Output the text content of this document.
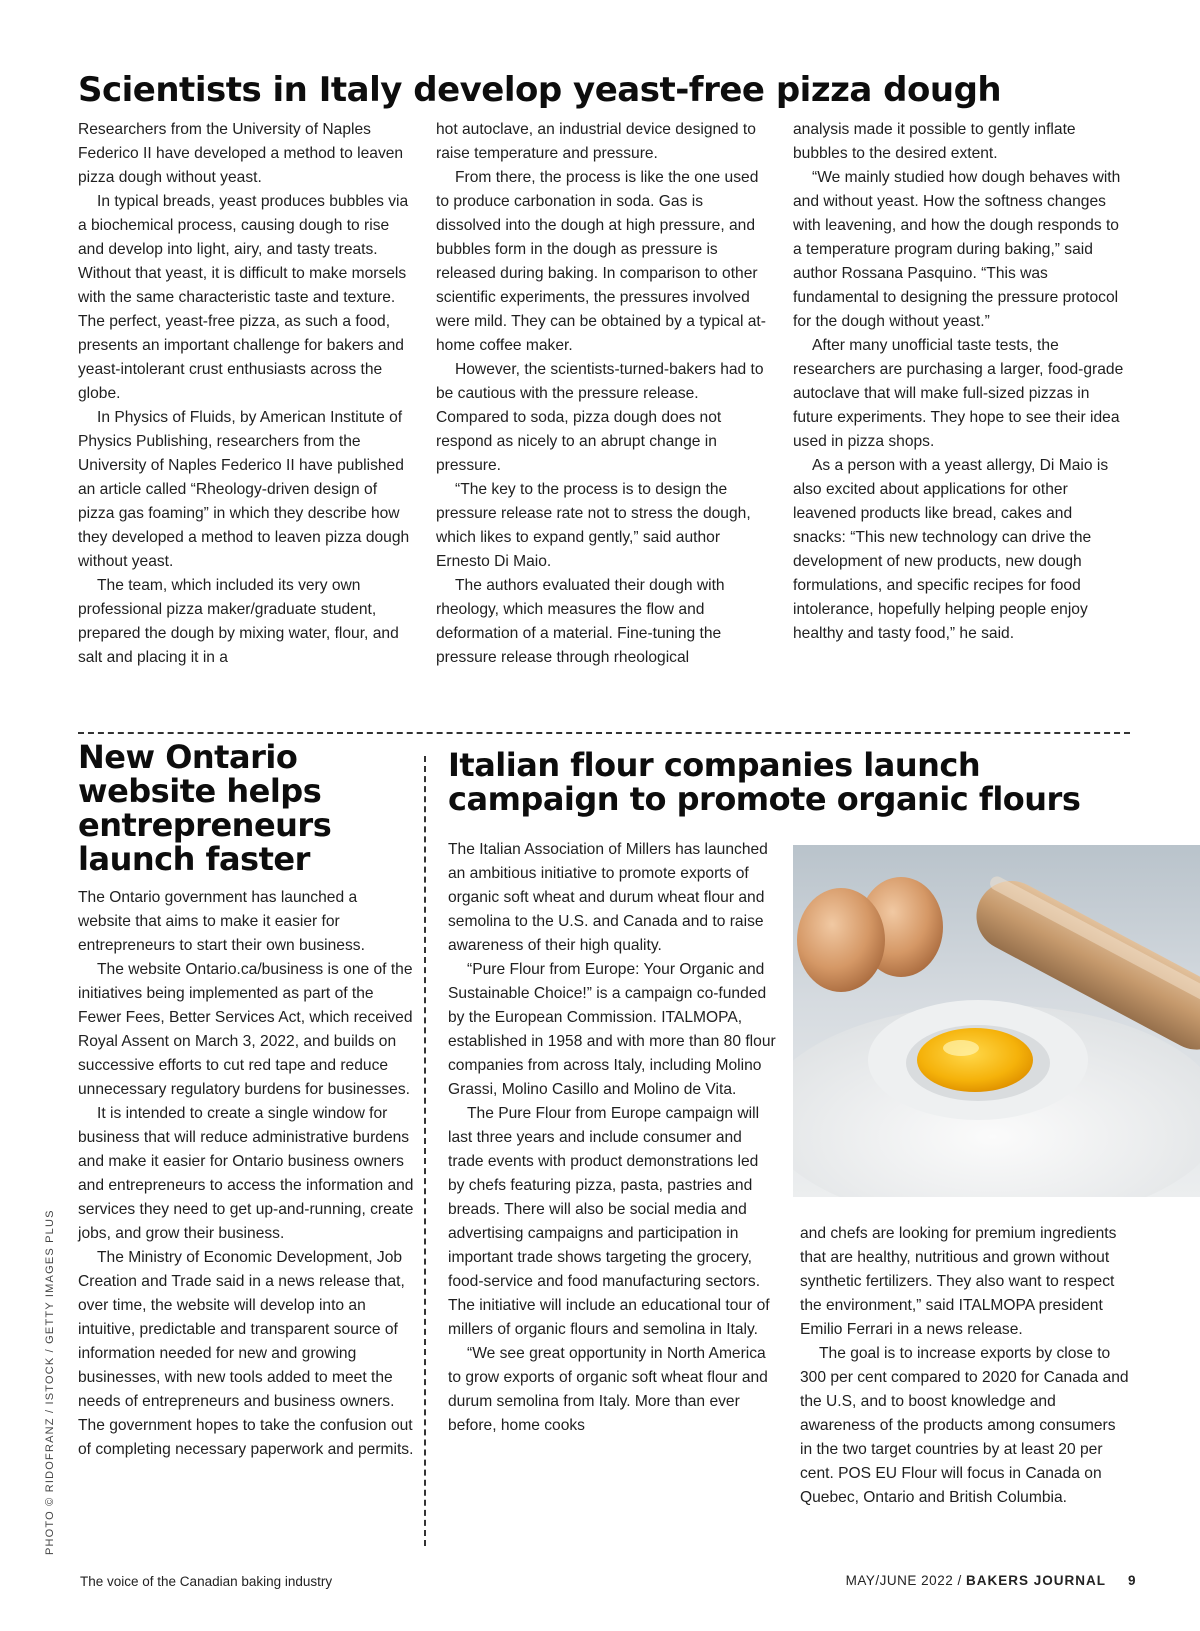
Scientists in Italy develop yeast-free pizza dough

Researchers from the University of Naples Federico II have developed a method to leaven pizza dough without yeast.

In typical breads, yeast produces bubbles via a biochemical process, causing dough to rise and develop into light, airy, and tasty treats. Without that yeast, it is difficult to make morsels with the same characteristic taste and texture. The perfect, yeast-free pizza, as such a food, presents an important challenge for bakers and yeast-intolerant crust enthusiasts across the globe.

In Physics of Fluids, by American Institute of Physics Publishing, researchers from the University of Naples Federico II have published an article called “Rheology-driven design of pizza gas foaming” in which they describe how they developed a method to leaven pizza dough without yeast.

The team, which included its very own professional pizza maker/graduate student, prepared the dough by mixing water, flour, and salt and placing it in a

hot autoclave, an industrial device designed to raise temperature and pressure.

From there, the process is like the one used to produce carbonation in soda. Gas is dissolved into the dough at high pressure, and bubbles form in the dough as pressure is released during baking. In comparison to other scientific experiments, the pressures involved were mild. They can be obtained by a typical at-home coffee maker.

However, the scientists-turned-bakers had to be cautious with the pressure release. Compared to soda, pizza dough does not respond as nicely to an abrupt change in pressure.

“The key to the process is to design the pressure release rate not to stress the dough, which likes to expand gently,” said author Ernesto Di Maio.

The authors evaluated their dough with rheology, which measures the flow and deformation of a material. Fine-tuning the pressure release through rheological

analysis made it possible to gently inflate bubbles to the desired extent.

“We mainly studied how dough behaves with and without yeast. How the softness changes with leavening, and how the dough responds to a temperature program during baking,” said author Rossana Pasquino. “This was fundamental to designing the pressure protocol for the dough without yeast.”

After many unofficial taste tests, the researchers are purchasing a larger, food-grade autoclave that will make full-sized pizzas in future experiments. They hope to see their idea used in pizza shops.

As a person with a yeast allergy, Di Maio is also excited about applications for other leavened products like bread, cakes and snacks: “This new technology can drive the development of new products, new dough formulations, and specific recipes for food intolerance, hopefully helping people enjoy healthy and tasty food,” he said.

New Ontario website helps entrepreneurs launch faster

The Ontario government has launched a website that aims to make it easier for entrepreneurs to start their own business.

The website Ontario.ca/business is one of the initiatives being implemented as part of the Fewer Fees, Better Services Act, which received Royal Assent on March 3, 2022, and builds on successive efforts to cut red tape and reduce unnecessary regulatory burdens for businesses.

It is intended to create a single window for business that will reduce administrative burdens and make it easier for Ontario business owners and entrepreneurs to access the information and services they need to get up-and-running, create jobs, and grow their business.

The Ministry of Economic Development, Job Creation and Trade said in a news release that, over time, the website will develop into an intuitive, predictable and transparent source of information needed for new and growing businesses, with new tools added to meet the needs of entrepreneurs and business owners. The government hopes to take the confusion out of completing necessary paperwork and permits.

Italian flour companies launch campaign to promote organic flours

The Italian Association of Millers has launched an ambitious initiative to promote exports of organic soft wheat and durum wheat flour and semolina to the U.S. and Canada and to raise awareness of their high quality.

“Pure Flour from Europe: Your Organic and Sustainable Choice!” is a campaign co-funded by the European Commission. ITALMOPA, established in 1958 and with more than 80 flour companies from across Italy, including Molino Grassi, Molino Casillo and Molino de Vita.

The Pure Flour from Europe campaign will last three years and include consumer and trade events with product demonstrations led by chefs featuring pizza, pasta, pastries and breads. There will also be social media and advertising campaigns and participation in important trade shows targeting the grocery, food-service and food manufacturing sectors. The initiative will include an educational tour of millers of organic flours and semolina in Italy.

“We see great opportunity in North America to grow exports of organic soft wheat flour and durum semolina from Italy. More than ever before, home cooks

and chefs are looking for premium ingredients that are healthy, nutritious and grown without synthetic fertilizers. They also want to respect the environment,” said ITALMOPA president Emilio Ferrari in a news release.

The goal is to increase exports by close to 300 per cent compared to 2020 for Canada and the U.S, and to boost knowledge and awareness of the products among consumers in the two target countries by at least 20 per cent. POS EU Flour will focus in Canada on Quebec, Ontario and British Columbia.

PHOTO © RIDOFRANZ / ISTOCK / GETTY IMAGES PLUS
The voice of the Canadian baking industry	MAY/JUNE 2022 / BAKERS JOURNAL 9
